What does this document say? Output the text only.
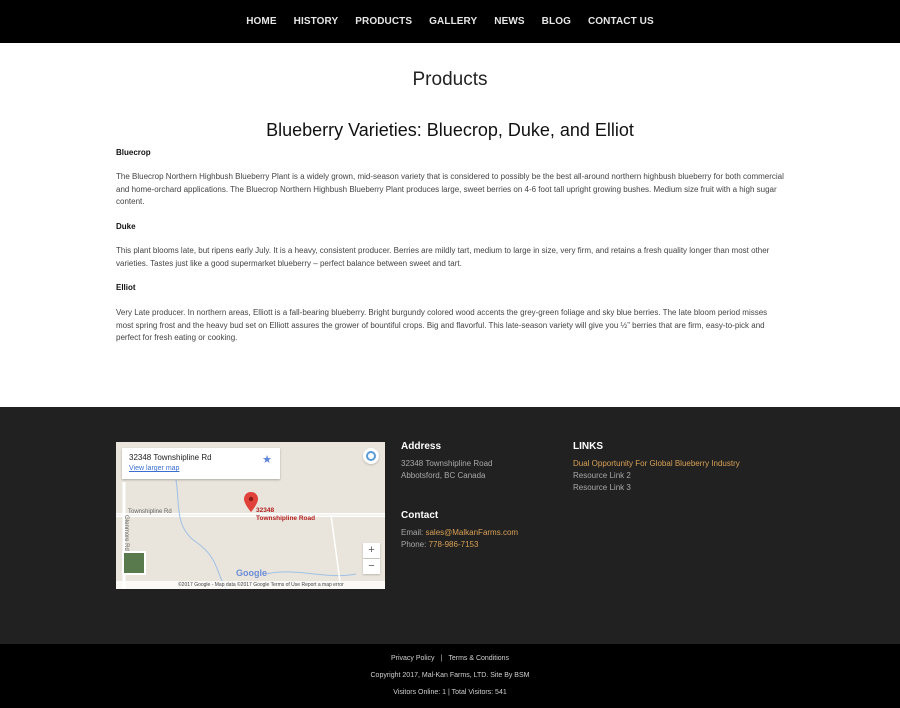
HOME HISTORY PRODUCTS GALLERY NEWS BLOG CONTACT US
Products
Blueberry Varieties: Bluecrop, Duke, and Elliot
Bluecrop

The Bluecrop Northern Highbush Blueberry Plant is a widely grown, mid-season variety that is considered to possibly be the best all-around northern highbush blueberry for both commercial and home-orchard applications. The Bluecrop Northern Highbush Blueberry Plant produces large, sweet berries on 4-6 foot tall upright growing bushes. Medium size fruit with a high sugar content.

Duke

This plant blooms late, but ripens early July. It is a heavy, consistent producer. Berries are mildly tart, medium to large in size, very firm, and retains a fresh quality longer than most other varieties. Tastes just like a good supermarket blueberry – perfect balance between sweet and tart.

Elliot

Very Late producer. In northern areas, Elliott is a fall-bearing blueberry. Bright burgundy colored wood accents the grey-green foliage and sky blue berries. The late bloom period misses most spring frost and the heavy bud set on Elliott assures the grower of bountiful crops. Big and flavorful. This late-season variety will give you ½” berries that are firm, easy-to-pick and perfect for fresh eating or cooking.

32348 Townshipline Rd
View larger map
★
Townshipline Rd
Glenmore Rd
32348
Townshipline Road
+
−
Google
©2017 Google - Map data ©2017 Google Terms of Use Report a map error
Address
32348 Townshipline Road
Abbotsford, BC Canada
Contact
Email: sales@MalkanFarms.com
Phone: 778-986-7153
LINKS
Dual Opportunity For Global Blueberry Industry
Resource Link 2
Resource Link 3
Privacy Policy | Terms & Conditions
Copyright 2017, Mal-Kan Farms, LTD. Site By BSM
Visitors Online: 1 | Total Visitors: 541
